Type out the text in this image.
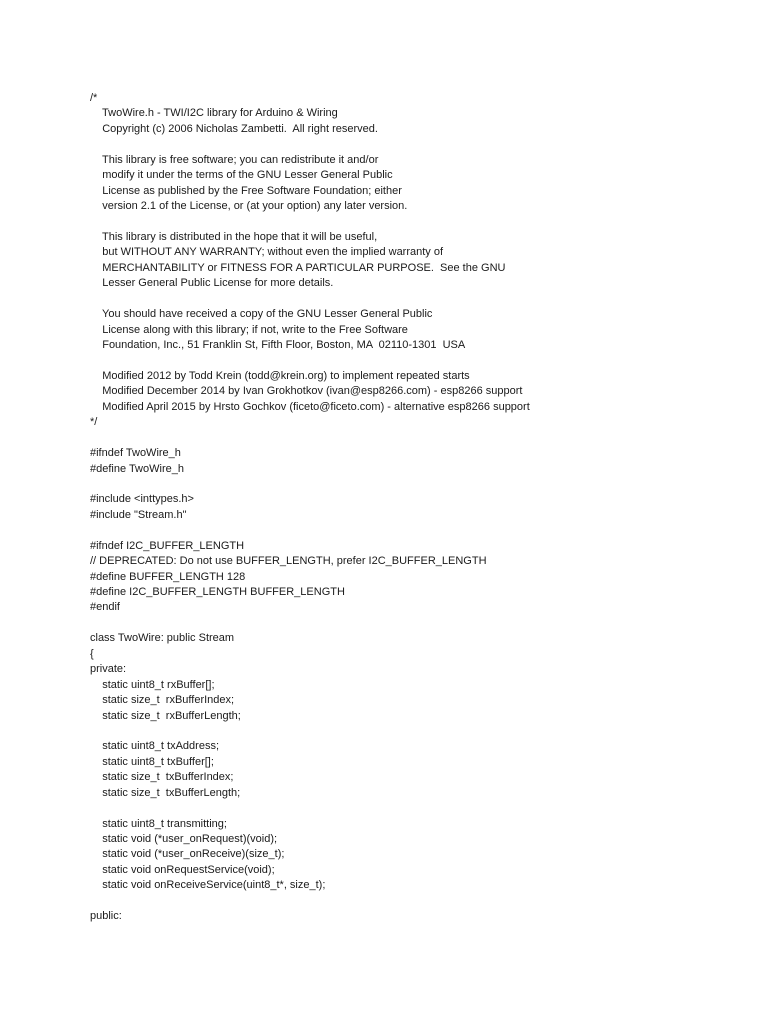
/*
TwoWire.h - TWI/I2C library for Arduino & Wiring
Copyright (c) 2006 Nicholas Zambetti.  All right reserved.
This library is free software; you can redistribute it and/or
modify it under the terms of the GNU Lesser General Public
License as published by the Free Software Foundation; either
version 2.1 of the License, or (at your option) any later version.
This library is distributed in the hope that it will be useful,
but WITHOUT ANY WARRANTY; without even the implied warranty of
MERCHANTABILITY or FITNESS FOR A PARTICULAR PURPOSE.  See the GNU
Lesser General Public License for more details.
You should have received a copy of the GNU Lesser General Public
License along with this library; if not, write to the Free Software
Foundation, Inc., 51 Franklin St, Fifth Floor, Boston, MA  02110-1301  USA
Modified 2012 by Todd Krein (todd@krein.org) to implement repeated starts
Modified December 2014 by Ivan Grokhotkov (ivan@esp8266.com) - esp8266 support
Modified April 2015 by Hrsto Gochkov (ficeto@ficeto.com) - alternative esp8266 support
*/
#ifndef TwoWire_h
#define TwoWire_h
#include <inttypes.h>
#include "Stream.h"
#ifndef I2C_BUFFER_LENGTH
// DEPRECATED: Do not use BUFFER_LENGTH, prefer I2C_BUFFER_LENGTH
#define BUFFER_LENGTH 128
#define I2C_BUFFER_LENGTH BUFFER_LENGTH
#endif
class TwoWire: public Stream
{
private:
static uint8_t rxBuffer[];
static size_t  rxBufferIndex;
static size_t  rxBufferLength;
static uint8_t txAddress;
static uint8_t txBuffer[];
static size_t  txBufferIndex;
static size_t  txBufferLength;
static uint8_t transmitting;
static void (*user_onRequest)(void);
static void (*user_onReceive)(size_t);
static void onRequestService(void);
static void onReceiveService(uint8_t*, size_t);
public:
